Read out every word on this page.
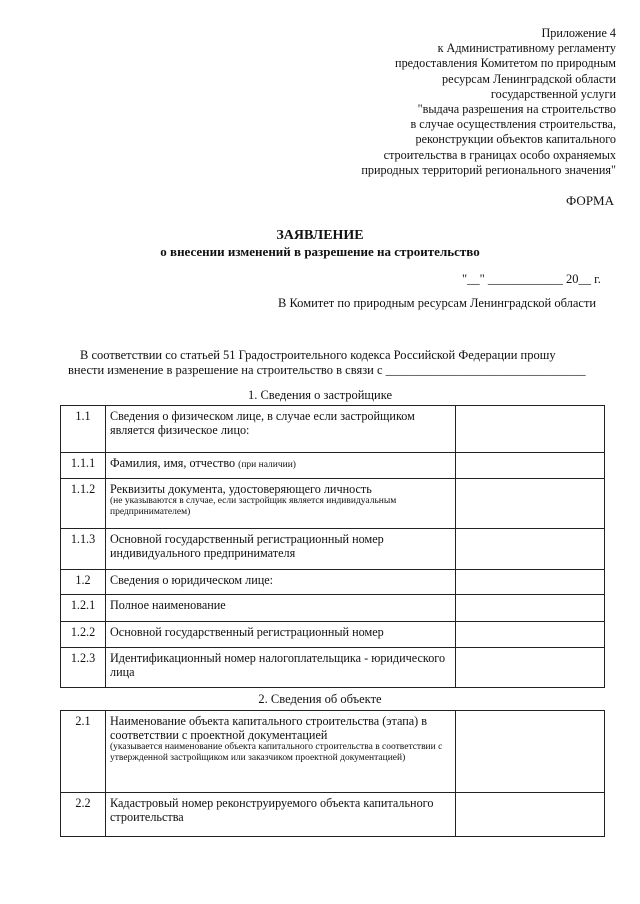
Приложение 4
к Административному регламенту
предоставления Комитетом по природным
ресурсам Ленинградской области
государственной услуги
"выдача разрешения на строительство
в случае осуществления строительства,
реконструкции объектов капитального
строительства в границах особо охраняемых
природных территорий регионального значения"
ФОРМА
ЗАЯВЛЕНИЕ
о внесении изменений в разрешение на строительство
"__" ____________ 20__ г.
В Комитет по природным ресурсам Ленинградской области
В соответствии со статьей 51 Градостроительного кодекса Российской Федерации прошу
внести изменение в разрешение на строительство в связи с ________________________________
1. Сведения о застройщике
1.1	Сведения о физическом лице, в случае если застройщиком является физическое лицо:	
1.1.1	Фамилия, имя, отчество (при наличии)	
1.1.2	Реквизиты документа, удостоверяющего личность
(не указываются в случае, если застройщик является индивидуальным предпринимателем)	

1.1.3	Основной государственный регистрационный номер индивидуального предпринимателя	
1.2	Сведения о юридическом лице:	
1.2.1	Полное наименование	
1.2.2	Основной государственный регистрационный номер	
1.2.3	Идентификационный номер налогоплательщика - юридического лица	
2. Сведения об объекте
2.1	Наименование объекта капитального строительства (этапа) в соответствии с проектной документацией
(указывается наименование объекта капитального строительства в соответствии с утвержденной застройщиком или заказчиком проектной документацией)	

2.2	Кадастровый номер реконструируемого объекта капитального строительства	
